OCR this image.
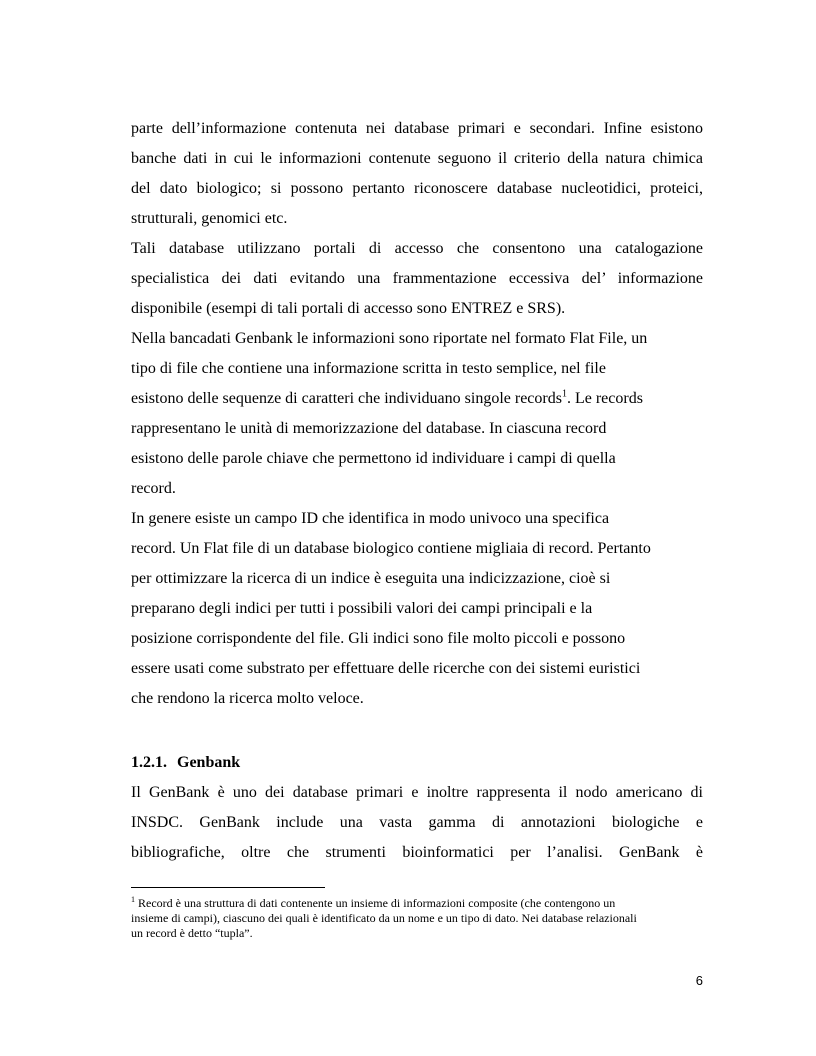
parte dell’informazione contenuta nei database primari e secondari. Infine esistono
banche dati in cui le informazioni contenute seguono il criterio della natura chimica
del dato biologico; si possono pertanto riconoscere database nucleotidici, proteici,
strutturali, genomici etc.
Tali database utilizzano portali di accesso che consentono una catalogazione
specialistica dei dati evitando una frammentazione eccessiva del’ informazione
disponibile (esempi di tali portali di accesso sono ENTREZ e SRS).
Nella bancadati Genbank le informazioni sono riportate nel formato Flat File, un
tipo di file che contiene una informazione scritta in testo semplice, nel file
esistono delle sequenze di caratteri che individuano singole records$^1$. Le records
rappresentano le unità di memorizzazione del database. In ciascuna record
esistono delle parole chiave che permettono id individuare i campi di quella
record.
In genere esiste un campo ID che identifica in modo univoco una specifica
record. Un Flat file di un database biologico contiene migliaia di record. Pertanto
per ottimizzare la ricerca di un indice è eseguita una indicizzazione, cioè si
preparano degli indici per tutti i possibili valori dei campi principali e la
posizione corrispondente del file. Gli indici sono file molto piccoli e possono
essere usati come substrato per effettuare delle ricerche con dei sistemi euristici
che rendono la ricerca molto veloce.
1.2.1. Genbank
Il GenBank è uno dei database primari e inoltre rappresenta il nodo americano di
INSDC. GenBank include una vasta gamma di annotazioni biologiche e
bibliografiche, oltre che strumenti bioinformatici per l’analisi. GenBank è
$^1$ Record è una struttura di dati contenente un insieme di informazioni composite (che contengono un
insieme di campi), ciascuno dei quali è identificato da un nome e un tipo di dato. Nei database relazionali
un record è detto “tupla”.
6
